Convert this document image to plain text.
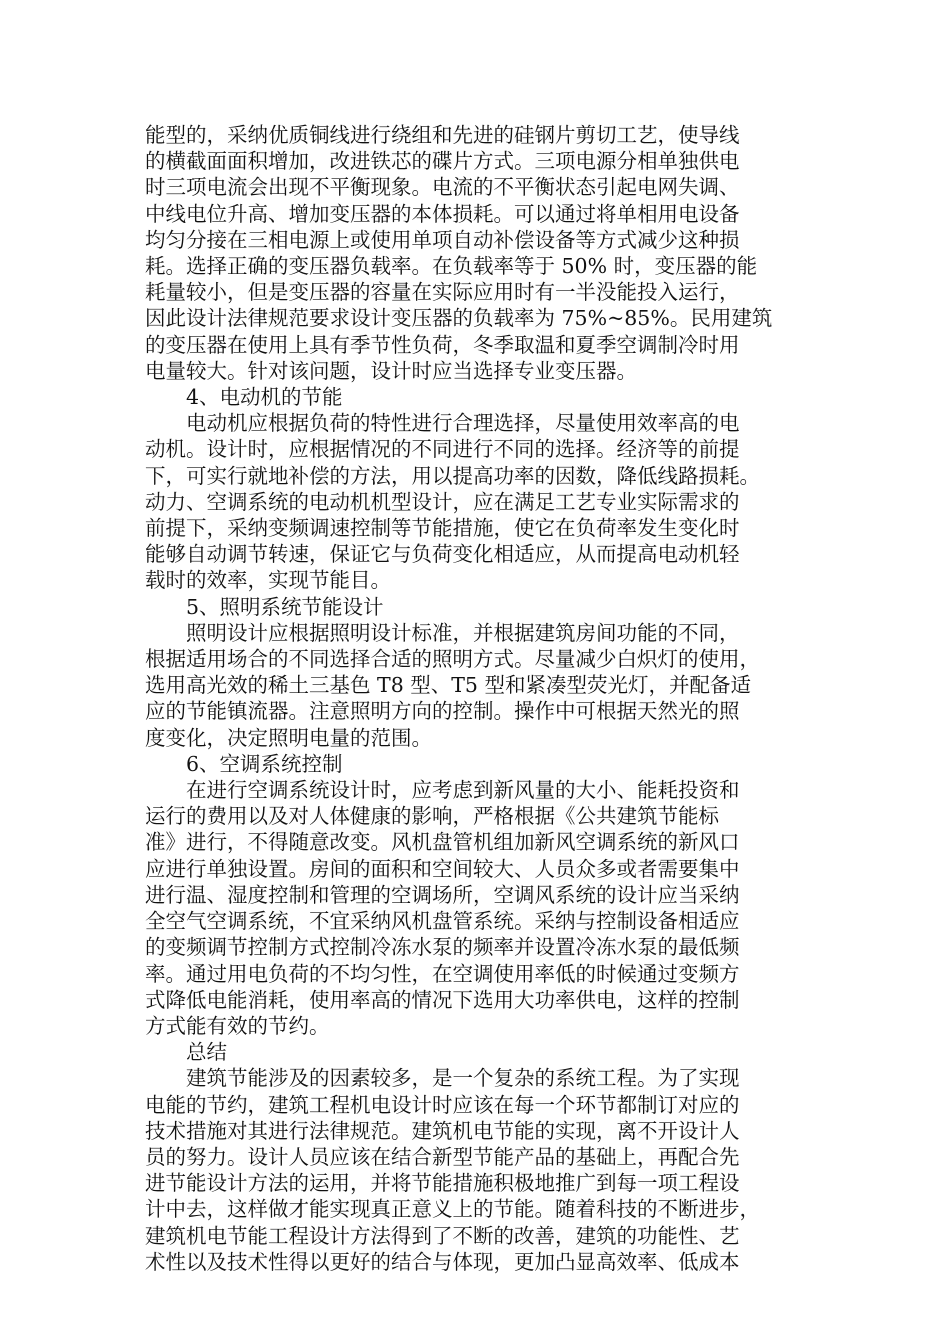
能型的，采纳优质铜线进行绕组和先进的硅钢片剪切工艺，使导线
的横截面面积增加，改进铁芯的碟片方式。三项电源分相单独供电
时三项电流会出现不平衡现象。电流的不平衡状态引起电网失调、
中线电位升高、增加变压器的本体损耗。可以通过将单相用电设备
均匀分接在三相电源上或使用单项自动补偿设备等方式减少这种损
耗。选择正确的变压器负载率。在负载率等于 50% 时，变压器的能
耗量较小，但是变压器的容量在实际应用时有一半没能投入运行，
因此设计法律规范要求设计变压器的负载率为 75%~85%。民用建筑
的变压器在使用上具有季节性负荷，冬季取温和夏季空调制冷时用
电量较大。针对该问题，设计时应当选择专业变压器。
4、电动机的节能
电动机应根据负荷的特性进行合理选择，尽量使用效率高的电
动机。设计时，应根据情况的不同进行不同的选择。经济等的前提
下，可实行就地补偿的方法，用以提高功率的因数，降低线路损耗。
动力、空调系统的电动机机型设计，应在满足工艺专业实际需求的
前提下，采纳变频调速控制等节能措施，使它在负荷率发生变化时
能够自动调节转速，保证它与负荷变化相适应，从而提高电动机轻
载时的效率，实现节能目。
5、照明系统节能设计
照明设计应根据照明设计标准，并根据建筑房间功能的不同，
根据适用场合的不同选择合适的照明方式。尽量减少白炽灯的使用，
选用高光效的稀土三基色 T8 型、T5 型和紧凑型荧光灯，并配备适
应的节能镇流器。注意照明方向的控制。操作中可根据天然光的照
度变化，决定照明电量的范围。
6、空调系统控制
在进行空调系统设计时，应考虑到新风量的大小、能耗投资和
运行的费用以及对人体健康的影响，严格根据《公共建筑节能标
准》进行，不得随意改变。风机盘管机组加新风空调系统的新风口
应进行单独设置。房间的面积和空间较大、人员众多或者需要集中
进行温、湿度控制和管理的空调场所，空调风系统的设计应当采纳
全空气空调系统，不宜采纳风机盘管系统。采纳与控制设备相适应
的变频调节控制方式控制冷冻水泵的频率并设置冷冻水泵的最低频
率。通过用电负荷的不均匀性，在空调使用率低的时候通过变频方
式降低电能消耗，使用率高的情况下选用大功率供电，这样的控制
方式能有效的节约。
总结
建筑节能涉及的因素较多，是一个复杂的系统工程。为了实现
电能的节约，建筑工程机电设计时应该在每一个环节都制订对应的
技术措施对其进行法律规范。建筑机电节能的实现，离不开设计人
员的努力。设计人员应该在结合新型节能产品的基础上，再配合先
进节能设计方法的运用，并将节能措施积极地推广到每一项工程设
计中去，这样做才能实现真正意义上的节能。随着科技的不断进步，
建筑机电节能工程设计方法得到了不断的改善，建筑的功能性、艺
术性以及技术性得以更好的结合与体现，更加凸显高效率、低成本
